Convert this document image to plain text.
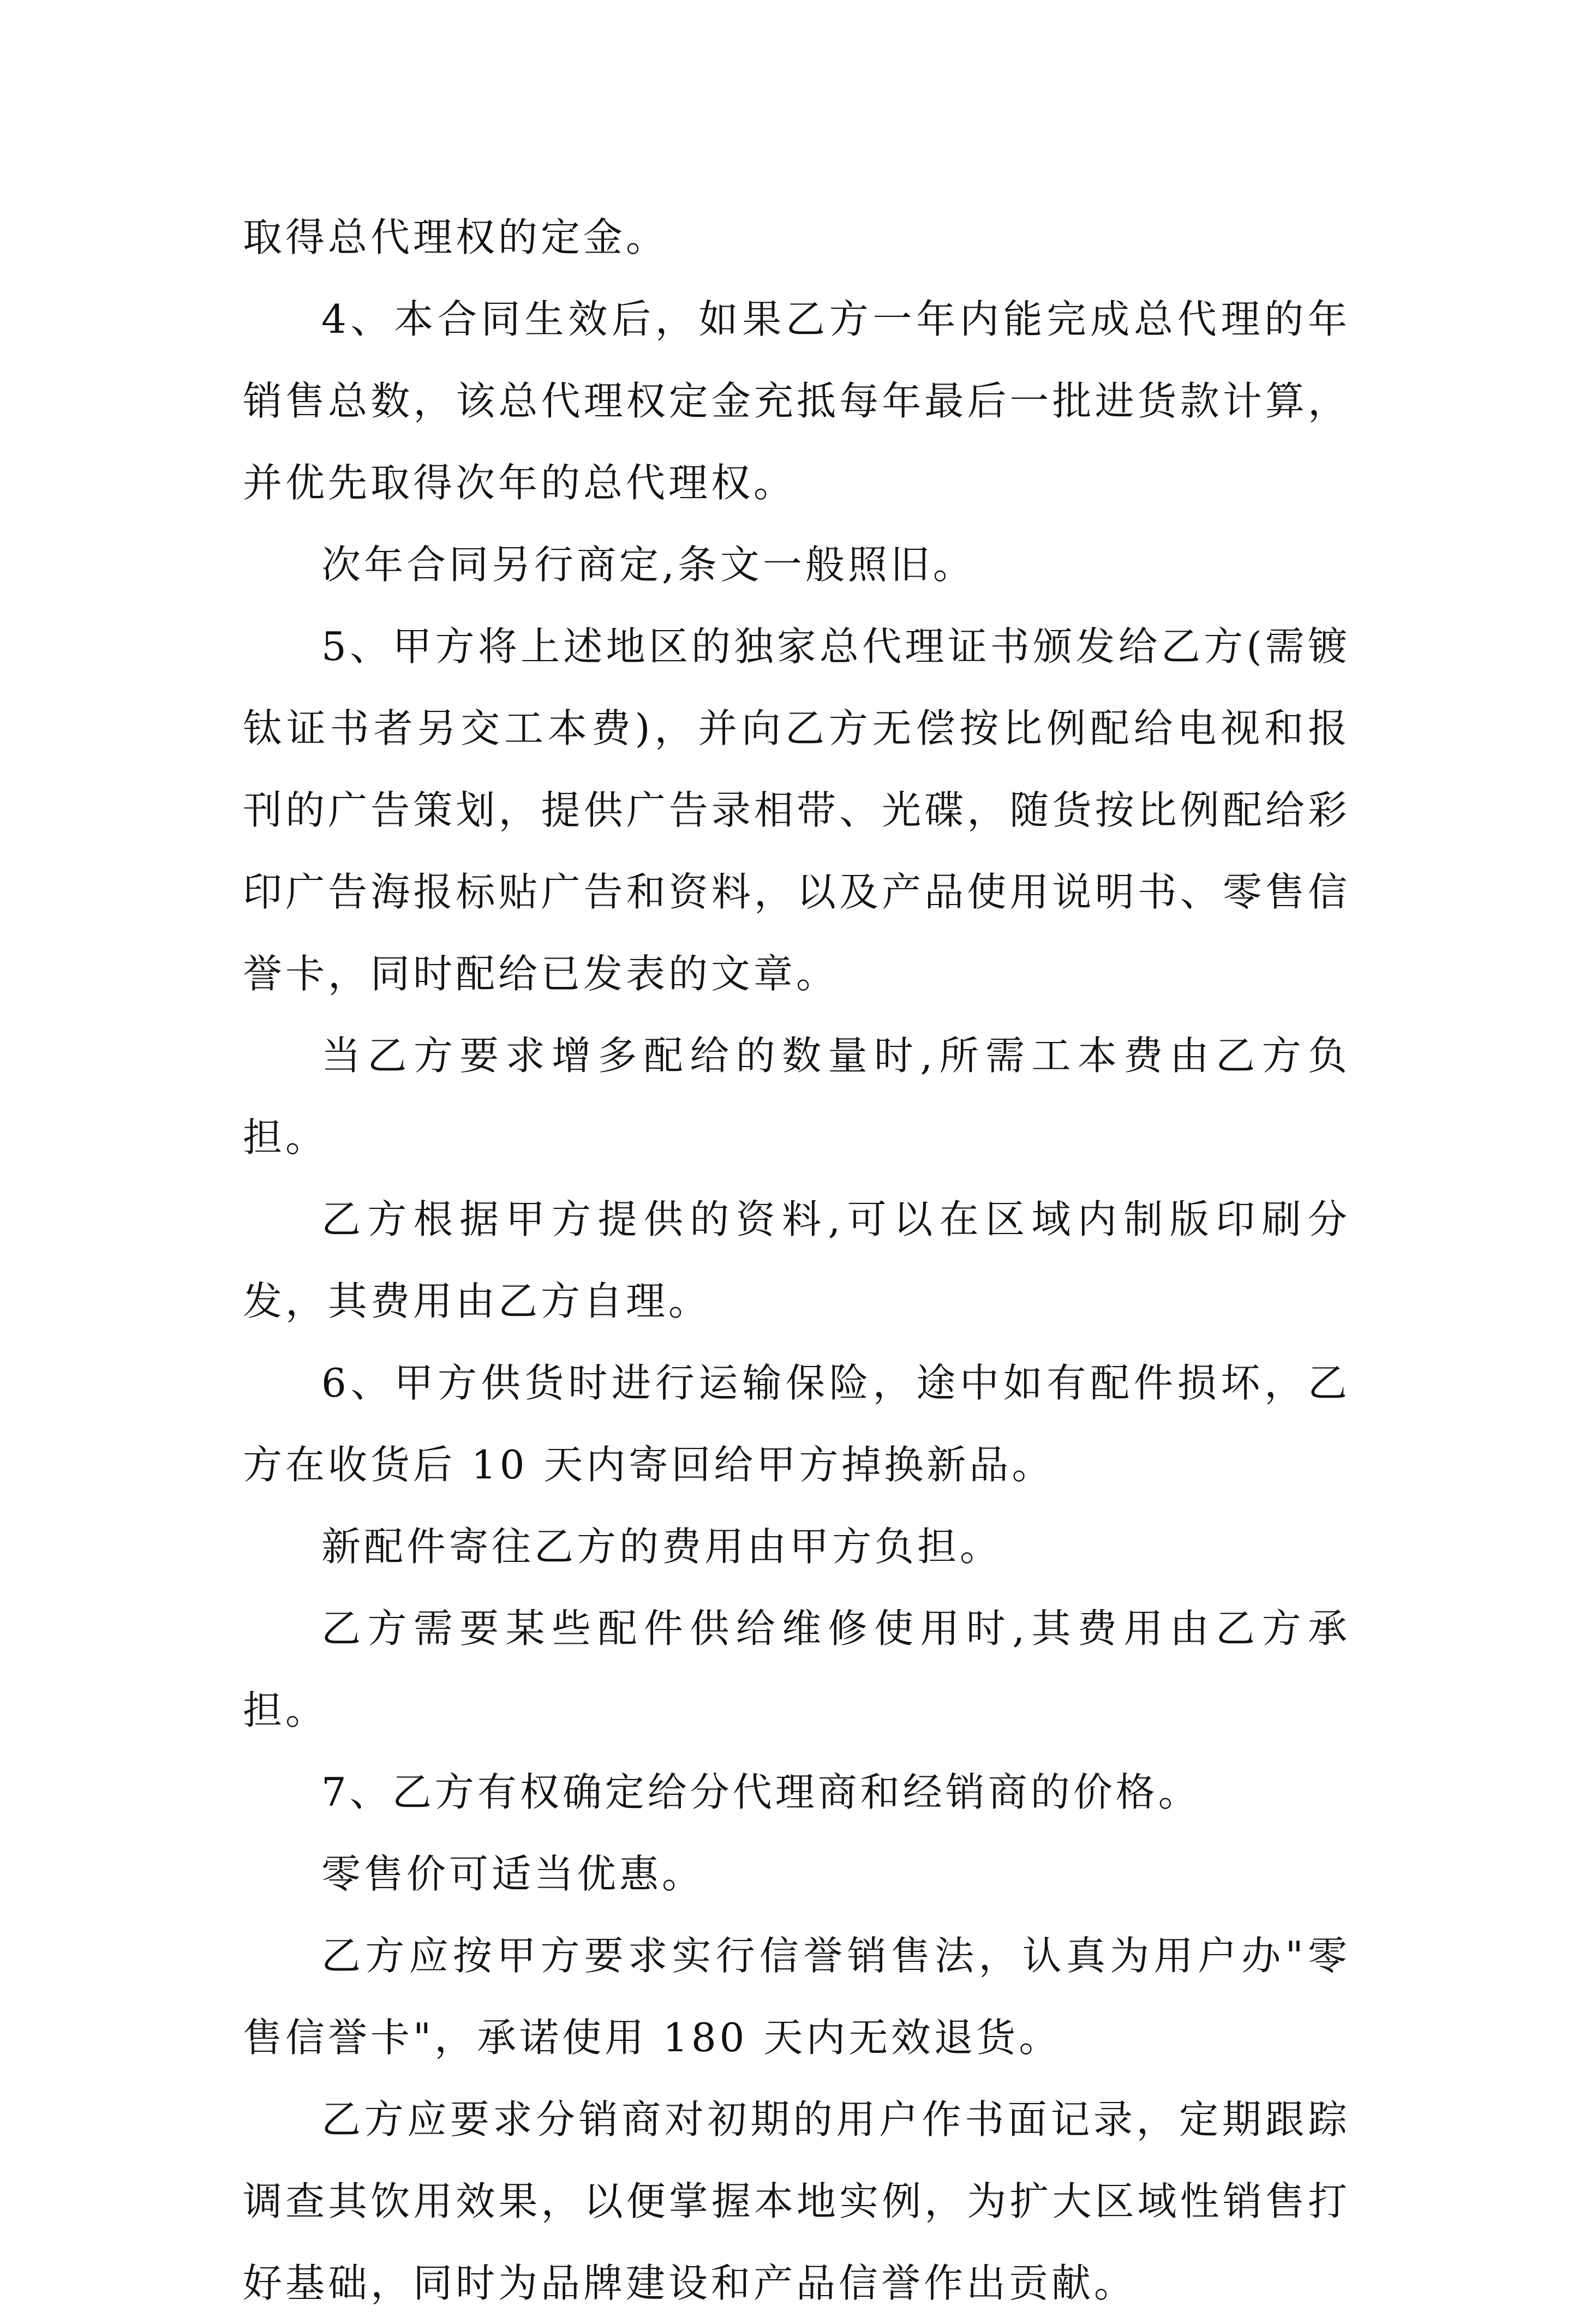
取得总代理权的定金。

4、本合同生效后，如果乙方一年内能完成总代理的年销售总数，该总代理权定金充抵每年最后一批进货款计算，并优先取得次年的总代理权。

次年合同另行商定,条文一般照旧。

5、甲方将上述地区的独家总代理证书颁发给乙方(需镀钛证书者另交工本费)，并向乙方无偿按比例配给电视和报刊的广告策划，提供广告录相带、光碟，随货按比例配给彩印广告海报标贴广告和资料，以及产品使用说明书、零售信誉卡，同时配给已发表的文章。

当乙方要求增多配给的数量时,所需工本费由乙方负担。

乙方根据甲方提供的资料,可以在区域内制版印刷分发，其费用由乙方自理。

6、甲方供货时进行运输保险，途中如有配件损坏，乙方在收货后 10 天内寄回给甲方掉换新品。

新配件寄往乙方的费用由甲方负担。

乙方需要某些配件供给维修使用时,其费用由乙方承担。

7、乙方有权确定给分代理商和经销商的价格。

零售价可适当优惠。

乙方应按甲方要求实行信誉销售法，认真为用户办"零售信誉卡"，承诺使用 180 天内无效退货。

乙方应要求分销商对初期的用户作书面记录，定期跟踪调查其饮用效果，以便掌握本地实例，为扩大区域性销售打好基础，同时为品牌建设和产品信誉作出贡献。
